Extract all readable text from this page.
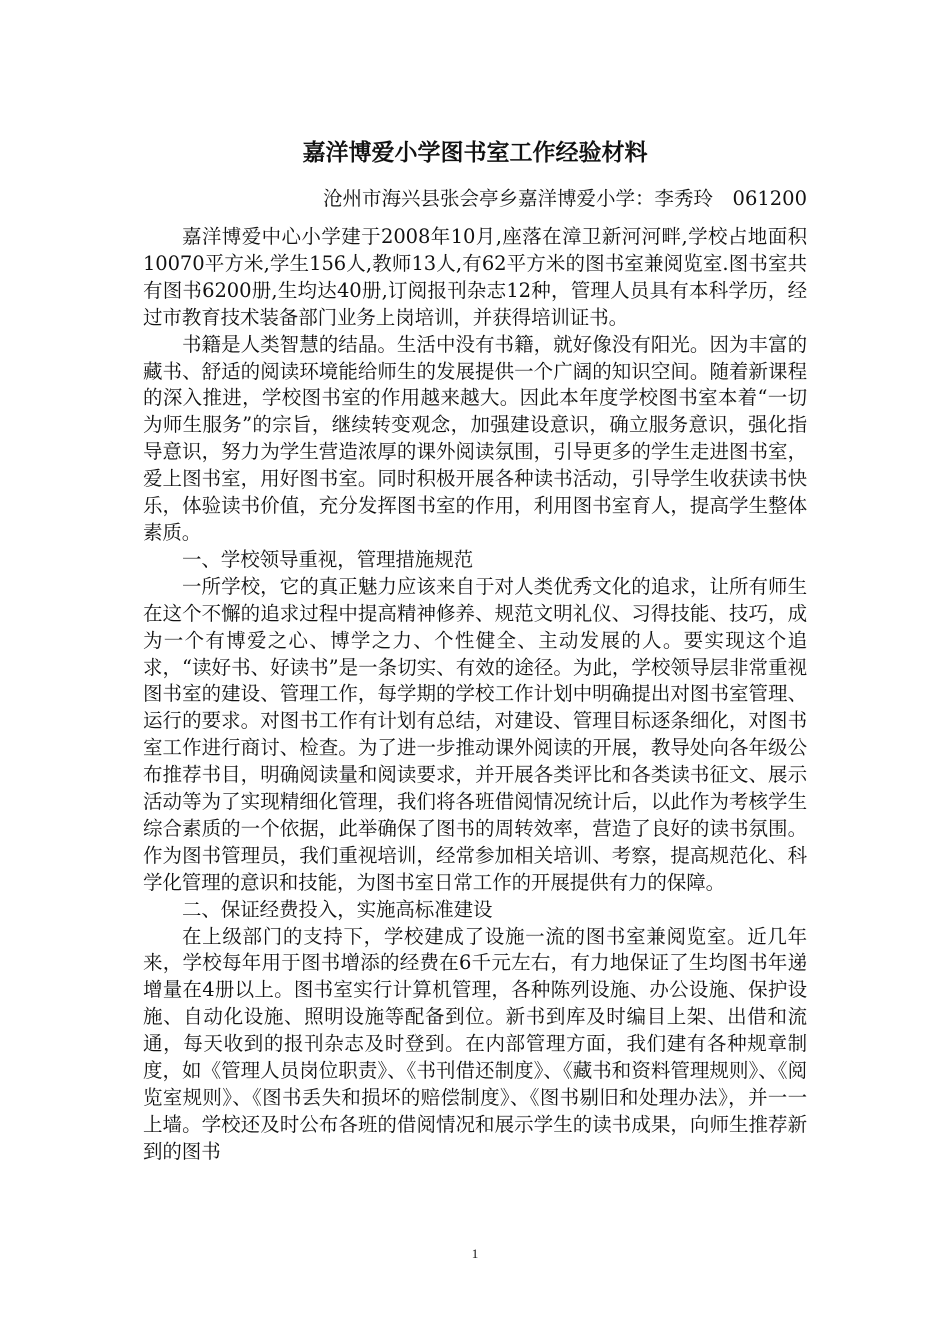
嘉洋博爱小学图书室工作经验材料
沧州市海兴县张会亭乡嘉洋博爱小学：李秀玲　061200

嘉洋博爱中心小学建于2008年10月,座落在漳卫新河河畔,学校占地面积10070平方米,学生156人,教师13人,有62平方米的图书室兼阅览室.图书室共有图书6200册,生均达40册,订阅报刊杂志12种，管理人员具有本科学历，经过市教育技术装备部门业务上岗培训，并获得培训证书。

书籍是人类智慧的结晶。生活中没有书籍，就好像没有阳光。因为丰富的藏书、舒适的阅读环境能给师生的发展提供一个广阔的知识空间。随着新课程的深入推进，学校图书室的作用越来越大。因此本年度学校图书室本着“一切为师生服务”的宗旨，继续转变观念，加强建设意识，确立服务意识，强化指导意识，努力为学生营造浓厚的课外阅读氛围，引导更多的学生走进图书室，爱上图书室，用好图书室。同时积极开展各种读书活动，引导学生收获读书快乐，体验读书价值，充分发挥图书室的作用，利用图书室育人，提高学生整体素质。

一、学校领导重视，管理措施规范

一所学校，它的真正魅力应该来自于对人类优秀文化的追求，让所有师生在这个不懈的追求过程中提高精神修养、规范文明礼仪、习得技能、技巧，成为一个有博爱之心、博学之力、个性健全、主动发展的人。要实现这个追求，“读好书、好读书”是一条切实、有效的途径。为此，学校领导层非常重视图书室的建设、管理工作，每学期的学校工作计划中明确提出对图书室管理、运行的要求。对图书工作有计划有总结，对建设、管理目标逐条细化，对图书室工作进行商讨、检查。为了进一步推动课外阅读的开展，教导处向各年级公布推荐书目，明确阅读量和阅读要求，并开展各类评比和各类读书征文、展示活动等为了实现精细化管理，我们将各班借阅情况统计后，以此作为考核学生综合素质的一个依据，此举确保了图书的周转效率，营造了良好的读书氛围。作为图书管理员，我们重视培训，经常参加相关培训、考察，提高规范化、科学化管理的意识和技能，为图书室日常工作的开展提供有力的保障。

二、保证经费投入，实施高标准建设

在上级部门的支持下，学校建成了设施一流的图书室兼阅览室。近几年来，学校每年用于图书增添的经费在6千元左右，有力地保证了生均图书年递增量在4册以上。图书室实行计算机管理，各种陈列设施、办公设施、保护设施、自动化设施、照明设施等配备到位。新书到库及时编目上架、出借和流通，每天收到的报刊杂志及时登到。在内部管理方面，我们建有各种规章制度，如《管理人员岗位职责》、《书刊借还制度》、《藏书和资料管理规则》、《阅览室规则》、《图书丢失和损坏的赔偿制度》、《图书剔旧和处理办法》，并一一上墙。学校还及时公布各班的借阅情况和展示学生的读书成果，向师生推荐新到的图书

1
